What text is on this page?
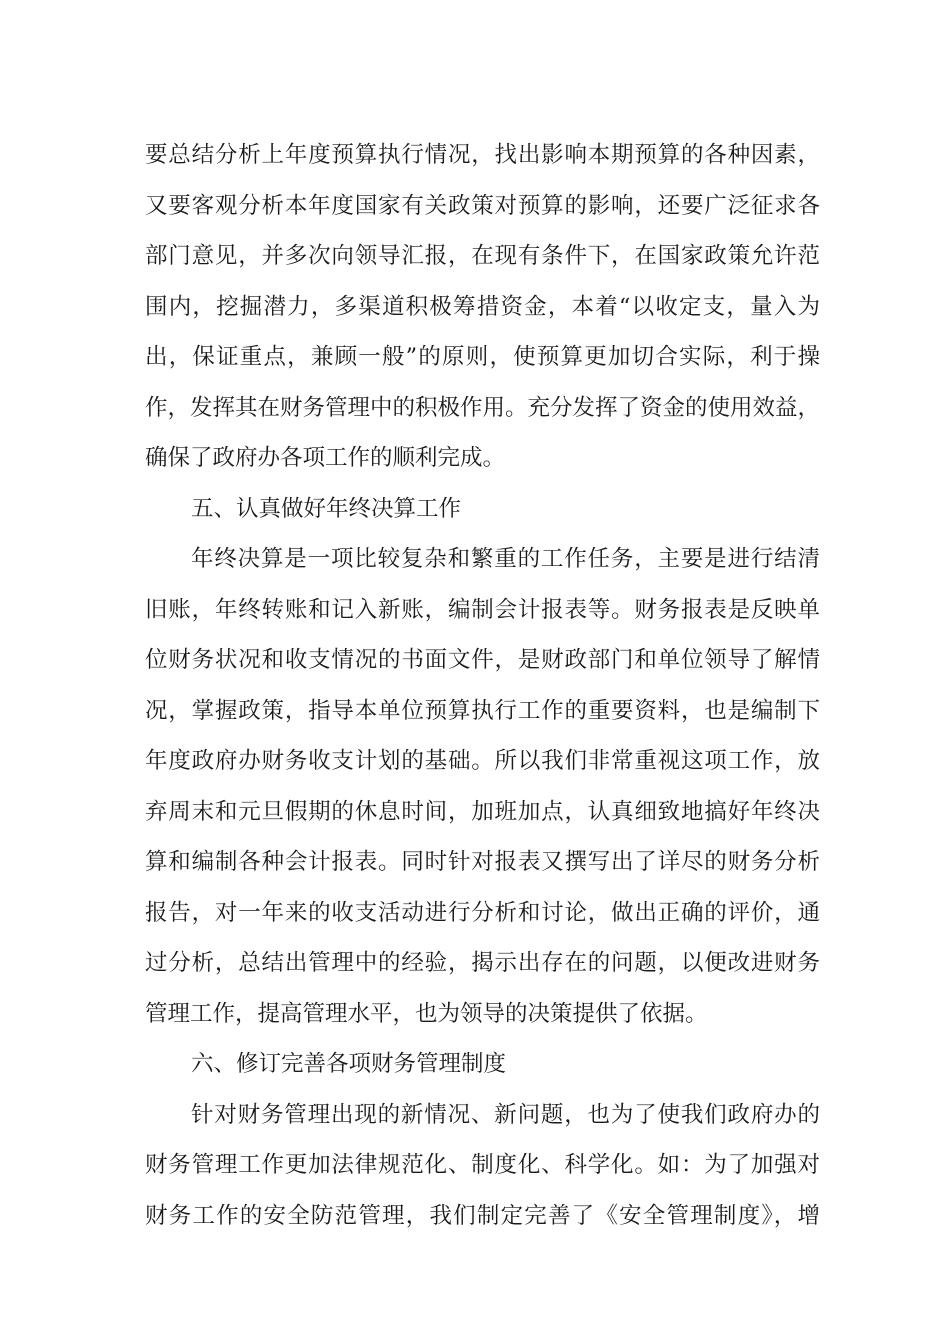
要总结分析上年度预算执行情况，找出影响本期预算的各种因素，
又要客观分析本年度国家有关政策对预算的影响，还要广泛征求各
部门意见，并多次向领导汇报，在现有条件下，在国家政策允许范
围内，挖掘潜力，多渠道积极筹措资金，本着“以收定支，量入为
出，保证重点，兼顾一般”的原则，使预算更加切合实际，利于操
作，发挥其在财务管理中的积极作用。充分发挥了资金的使用效益，
确保了政府办各项工作的顺利完成。
五、认真做好年终决算工作
年终决算是一项比较复杂和繁重的工作任务，主要是进行结清
旧账，年终转账和记入新账，编制会计报表等。财务报表是反映单
位财务状况和收支情况的书面文件，是财政部门和单位领导了解情
况，掌握政策，指导本单位预算执行工作的重要资料，也是编制下
年度政府办财务收支计划的基础。所以我们非常重视这项工作，放
弃周末和元旦假期的休息时间，加班加点，认真细致地搞好年终决
算和编制各种会计报表。同时针对报表又撰写出了详尽的财务分析
报告，对一年来的收支活动进行分析和讨论，做出正确的评价，通
过分析，总结出管理中的经验，揭示出存在的问题，以便改进财务
管理工作，提高管理水平，也为领导的决策提供了依据。
六、修订完善各项财务管理制度
针对财务管理出现的新情况、新问题，也为了使我们政府办的
财务管理工作更加法律规范化、制度化、科学化。如：为了加强对
财务工作的安全防范管理，我们制定完善了《安全管理制度》，增
